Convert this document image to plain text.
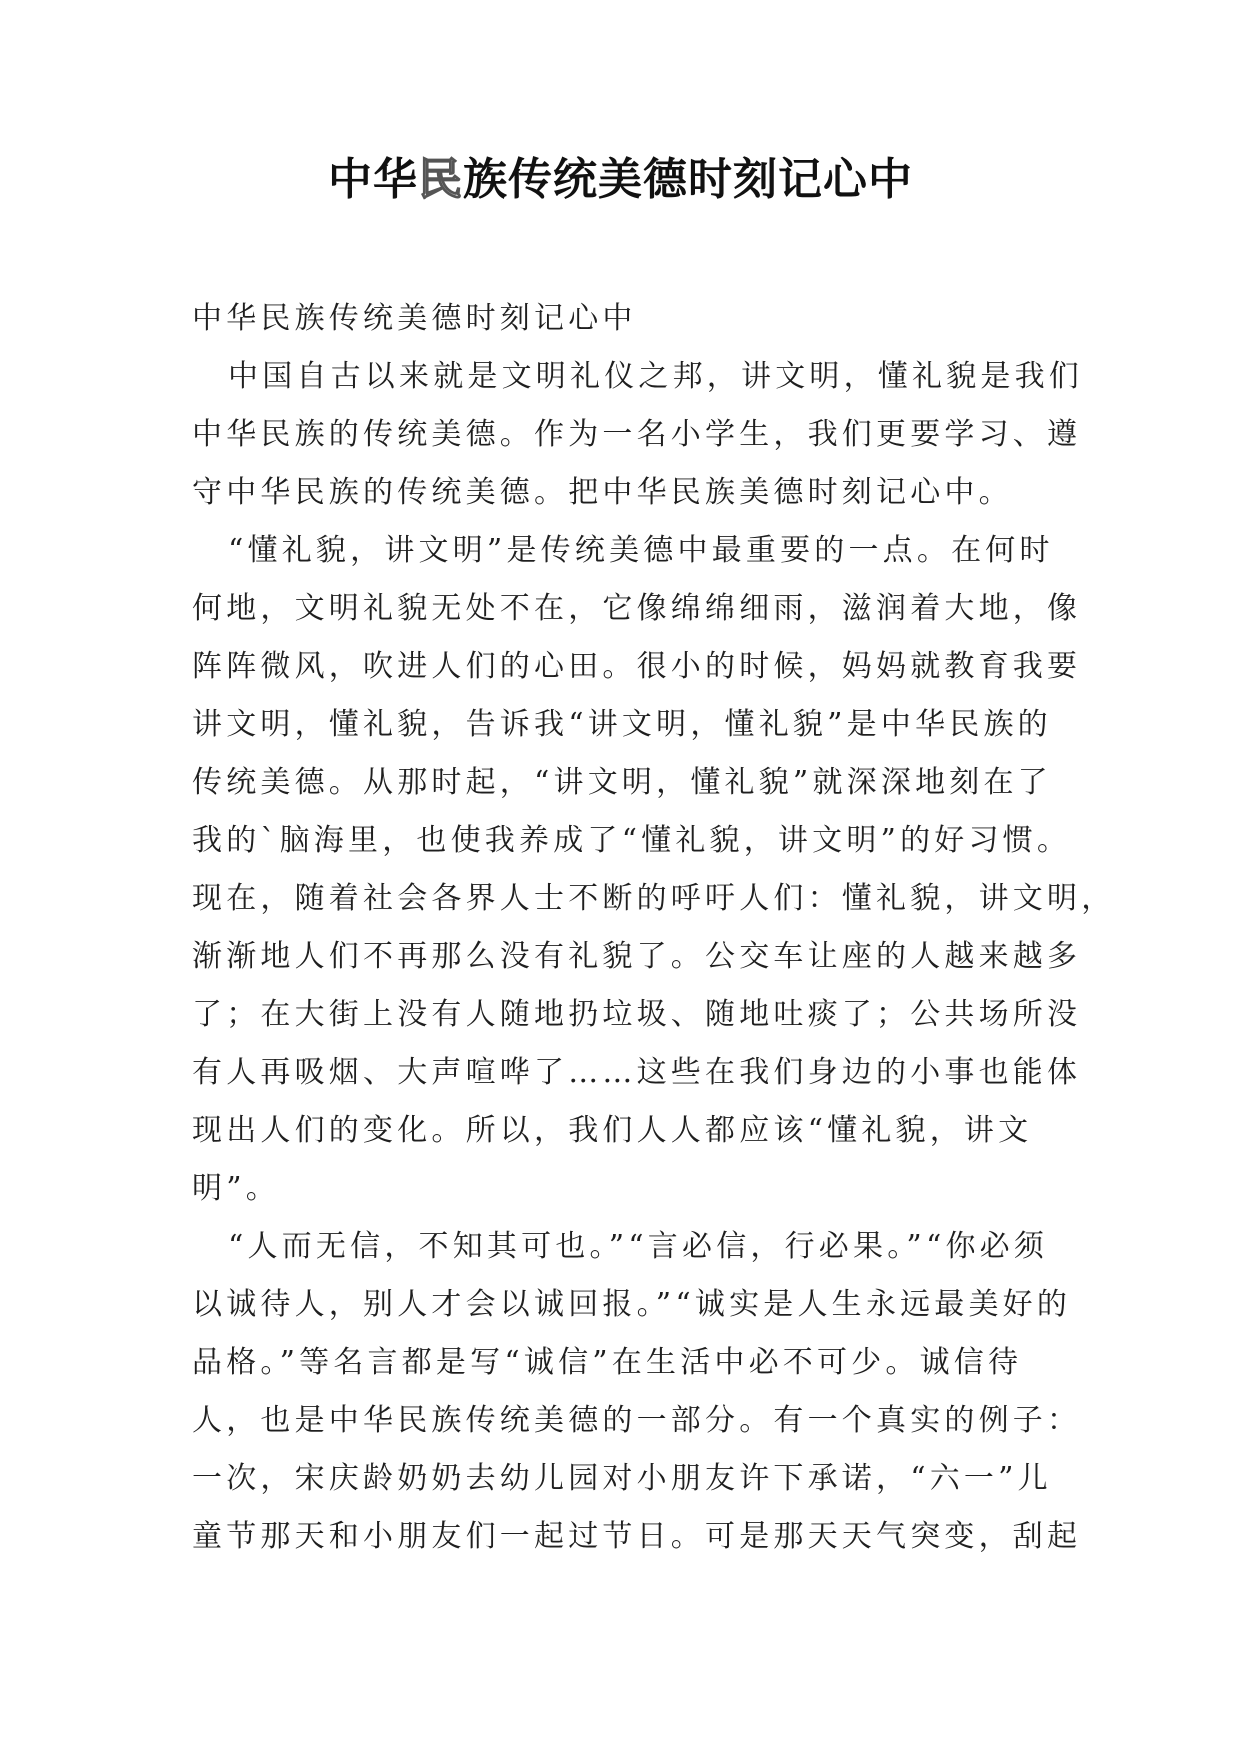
中华民族传统美德时刻记心中
中华民族传统美德时刻记心中
中国自古以来就是文明礼仪之邦，讲文明，懂礼貌是我们
中华民族的传统美德。作为一名小学生，我们更要学习、遵
守中华民族的传统美德。把中华民族美德时刻记心中。
“懂礼貌，讲文明”是传统美德中最重要的一点。在何时
何地，文明礼貌无处不在，它像绵绵细雨，滋润着大地，像
阵阵微风，吹进人们的心田。很小的时候，妈妈就教育我要
讲文明，懂礼貌，告诉我“讲文明，懂礼貌”是中华民族的
传统美德。从那时起，“讲文明，懂礼貌”就深深地刻在了
我的`脑海里，也使我养成了“懂礼貌，讲文明”的好习惯。
现在，随着社会各界人士不断的呼吁人们：懂礼貌，讲文明，
渐渐地人们不再那么没有礼貌了。公交车让座的人越来越多
了；在大街上没有人随地扔垃圾、随地吐痰了；公共场所没
有人再吸烟、大声喧哗了……这些在我们身边的小事也能体
现出人们的变化。所以，我们人人都应该“懂礼貌，讲文
明”。
“人而无信，不知其可也。”“言必信，行必果。”“你必须
以诚待人，别人才会以诚回报。”“诚实是人生永远最美好的
品格。”等名言都是写“诚信”在生活中必不可少。诚信待
人，也是中华民族传统美德的一部分。有一个真实的例子：
一次，宋庆龄奶奶去幼儿园对小朋友许下承诺，“六一”儿
童节那天和小朋友们一起过节日。可是那天天气突变，刮起
